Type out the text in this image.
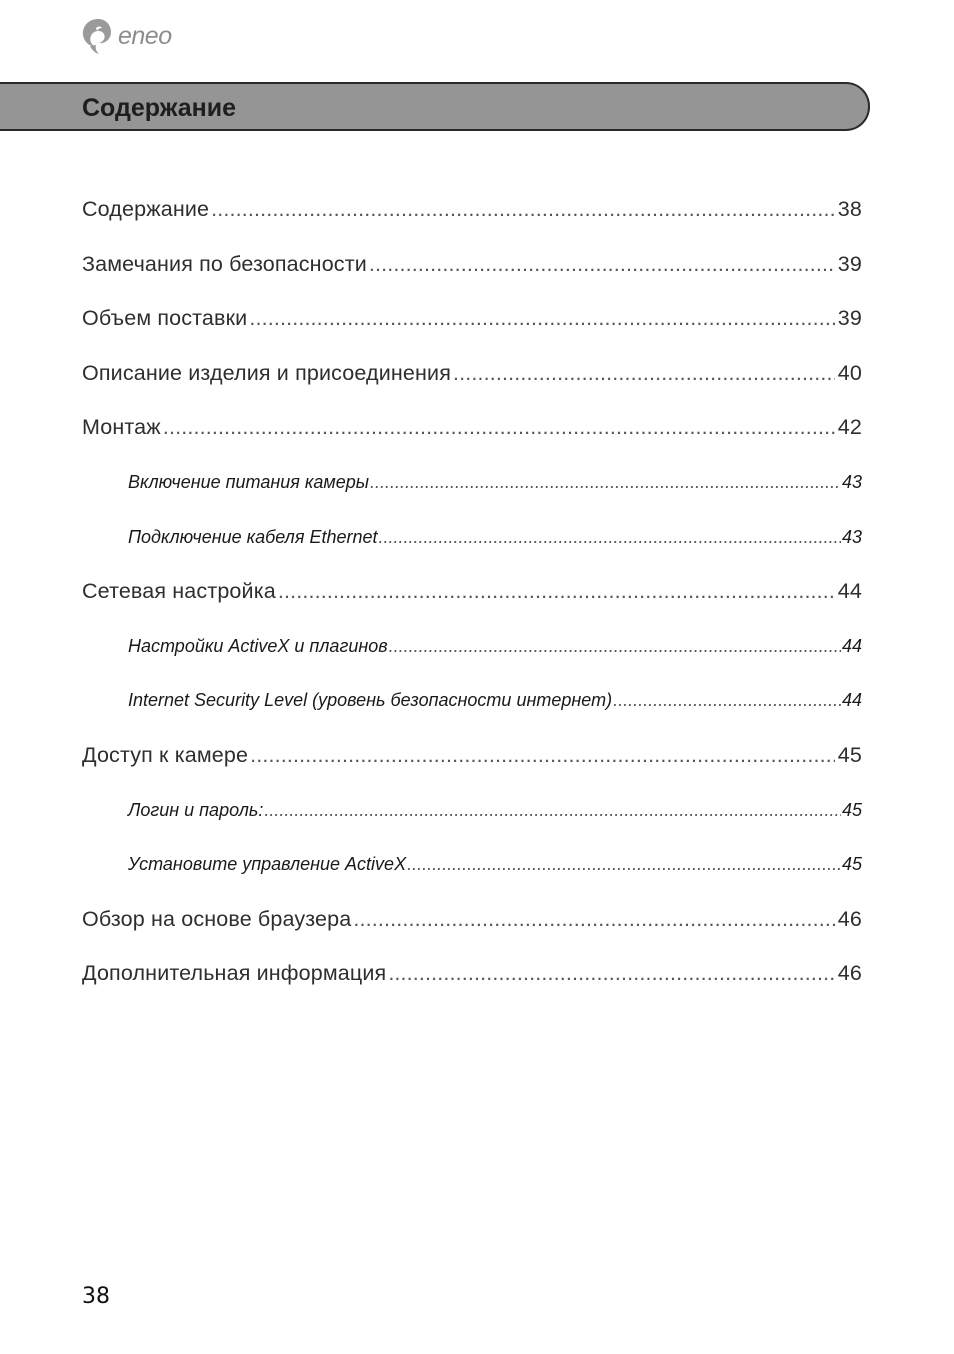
eneo
Содержание
Содержание .....	38
Замечания по безопасности .....	39
Объем поставки .....	39
Описание изделия и присоединения .....	40
Монтаж .....	42
Включение питания камеры .....	43
Подключение кабеля Ethernet .....	43
Сетевая настройка .....	44
Настройки ActiveX и плагинов .....	44
Internet Security Level (уровень безопасности интернет) .....	44
Доступ к камере .....	45
Логин и пароль: .....	45
Установите управление ActiveX .....	45
Обзор на основе браузера .....	46
Дополнительная информация .....	46

38
